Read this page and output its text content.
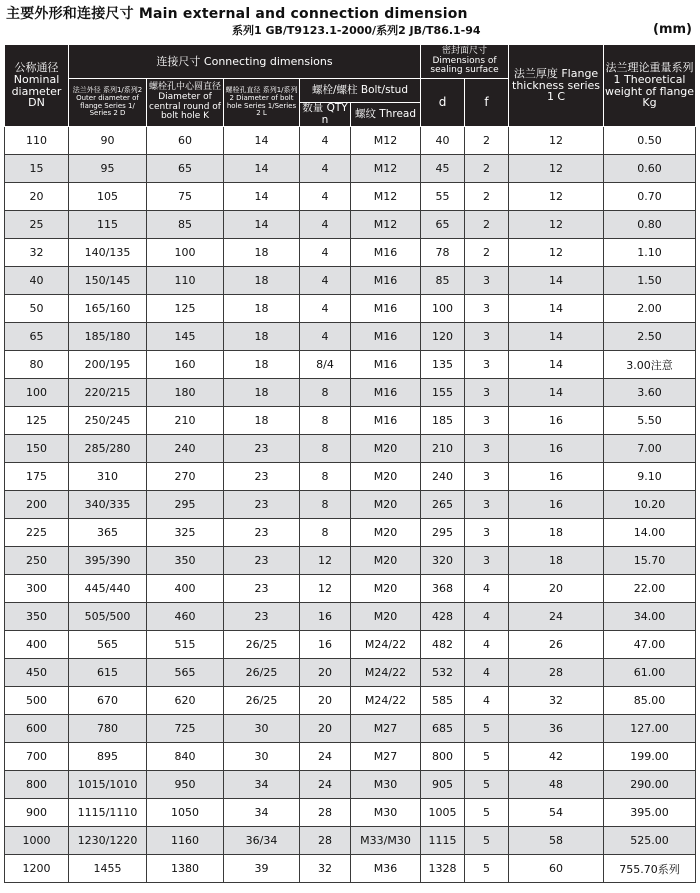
主要外形和连接尺寸 Main external and connection dimension
系列1 GB/T9123.1-2000/系列2 JB/T86.1-94	(mm)
公称通径 Nominal diameter DN	连接尺寸 Connecting dimensions					密封面尺寸 Dimensions of sealing surface		法兰厚度 Flange thickness series 1 C	法兰理论重量系列1 Theoretical weight of flange Kg
	法兰外径 系列1/系列2 Outer diameter of flange Series 1/ Series 2 D	螺栓孔中心圆直径 Diameter of central round of bolt hole K	螺栓孔直径 系列1/系列2 Diameter of bolt hole Series 1/Series 2 L	螺栓/螺柱 Bolt/stud		d	f		
				数量 QTY n	螺纹 Thread				
110	90	60	14	4	M12	40	2	12	0.50
15	95	65	14	4	M12	45	2	12	0.60
20	105	75	14	4	M12	55	2	12	0.70
25	115	85	14	4	M12	65	2	12	0.80
32	140/135	100	18	4	M16	78	2	12	1.10
40	150/145	110	18	4	M16	85	3	14	1.50
50	165/160	125	18	4	M16	100	3	14	2.00
65	185/180	145	18	4	M16	120	3	14	2.50
80	200/195	160	18	8/4	M16	135	3	14	3.00注意
100	220/215	180	18	8	M16	155	3	14	3.60
125	250/245	210	18	8	M16	185	3	16	5.50
150	285/280	240	23	8	M20	210	3	16	7.00
175	310	270	23	8	M20	240	3	16	9.10
200	340/335	295	23	8	M20	265	3	16	10.20
225	365	325	23	8	M20	295	3	18	14.00
250	395/390	350	23	12	M20	320	3	18	15.70
300	445/440	400	23	12	M20	368	4	20	22.00
350	505/500	460	23	16	M20	428	4	24	34.00
400	565	515	26/25	16	M24/22	482	4	26	47.00
450	615	565	26/25	20	M24/22	532	4	28	61.00
500	670	620	26/25	20	M24/22	585	4	32	85.00
600	780	725	30	20	M27	685	5	36	127.00
700	895	840	30	24	M27	800	5	42	199.00
800	1015/1010	950	34	24	M30	905	5	48	290.00
900	1115/1110	1050	34	28	M30	1005	5	54	395.00
1000	1230/1220	1160	36/34	28	M33/M30	1115	5	58	525.00
1200	1455	1380	39	32	M36	1328	5	60	755.70系列
